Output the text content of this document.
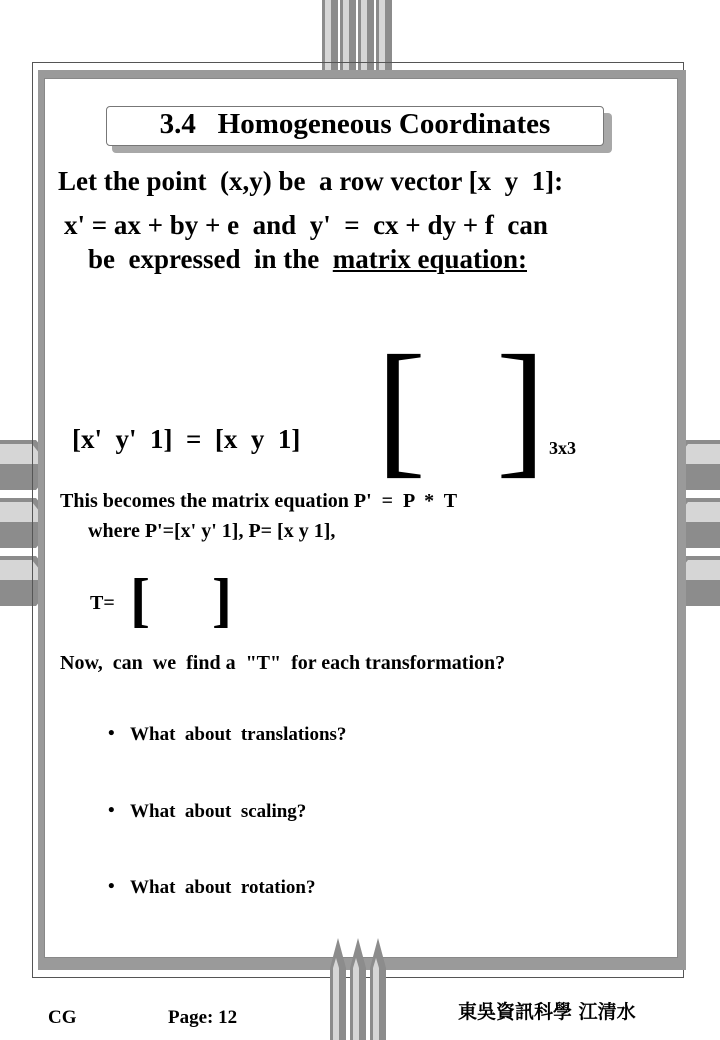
3.4   Homogeneous Coordinates
Let the point  (x,y) be  a row vector [x  y  1]:
x' = ax + by + e  and  y'  =  cx + dy + f  can
be  expressed  in the  matrix equation:
[x'  y'  1]  =  [x  y  1] [ ] 3x3
This becomes the matrix equation P'  =  P  *  T
where P'=[x' y' 1], P= [x y 1],
T= [ ]
Now,  can  we  find a  "T"  for each transformation?
• What  about  translations?
• What  about  scaling?
• What  about  rotation?
CG	Page: 12	東吳資訊科學 江清水
